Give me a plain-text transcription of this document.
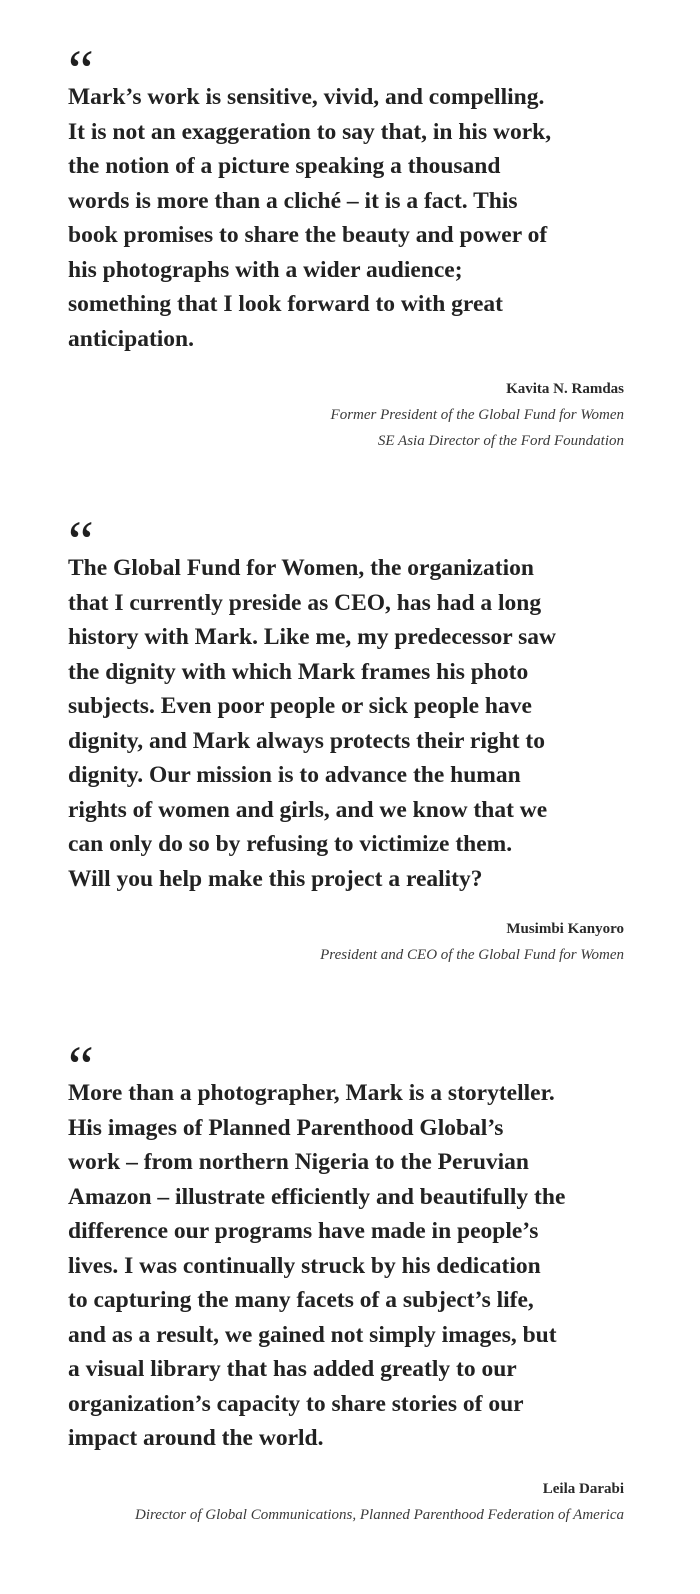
“

Mark’s work is sensitive, vivid, and compelling.
It is not an exaggeration to say that, in his work,
the notion of a picture speaking a thousand
words is more than a cliché – it is a fact. This
book promises to share the beauty and power of
his photographs with a wider audience;
something that I look forward to with great
anticipation.

Kavita N. Ramdas

Former President of the Global Fund for Women

SE Asia Director of the Ford Foundation

“

The Global Fund for Women, the organization
that I currently preside as CEO, has had a long
history with Mark. Like me, my predecessor saw
the dignity with which Mark frames his photo
subjects. Even poor people or sick people have
dignity, and Mark always protects their right to
dignity. Our mission is to advance the human
rights of women and girls, and we know that we
can only do so by refusing to victimize them.
Will you help make this project a reality?

Musimbi Kanyoro

President and CEO of the Global Fund for Women

“

More than a photographer, Mark is a storyteller.
His images of Planned Parenthood Global’s
work – from northern Nigeria to the Peruvian
Amazon – illustrate efficiently and beautifully the
difference our programs have made in people’s
lives. I was continually struck by his dedication
to capturing the many facets of a subject’s life,
and as a result, we gained not simply images, but
a visual library that has added greatly to our
organization’s capacity to share stories of our
impact around the world.

Leila Darabi

Director of Global Communications, Planned Parenthood Federation of America
